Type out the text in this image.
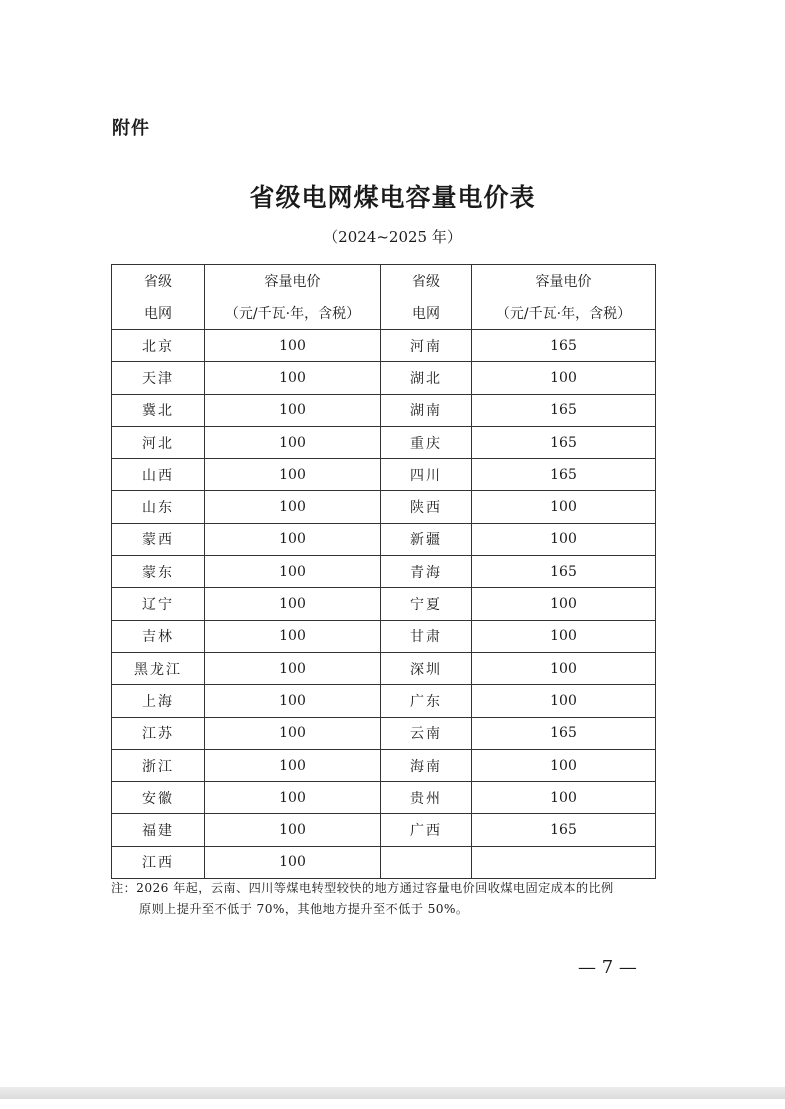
附件
省级电网煤电容量电价表
（2024~2025 年）
省级	容量电价	省级	容量电价
电网	（元/千瓦·年，含税）	电网	（元/千瓦·年，含税）
北京	100	河南	165
天津	100	湖北	100
冀北	100	湖南	165
河北	100	重庆	165
山西	100	四川	165
山东	100	陕西	100
蒙西	100	新疆	100
蒙东	100	青海	165
辽宁	100	宁夏	100
吉林	100	甘肃	100
黑龙江	100	深圳	100
上海	100	广东	100
江苏	100	云南	165
浙江	100	海南	100
安徽	100	贵州	100
福建	100	广西	165
江西	100		
注：2026 年起，云南、四川等煤电转型较快的地方通过容量电价回收煤电固定成本的比例
原则上提升至不低于 70%，其他地方提升至不低于 50%。
— 7 —
